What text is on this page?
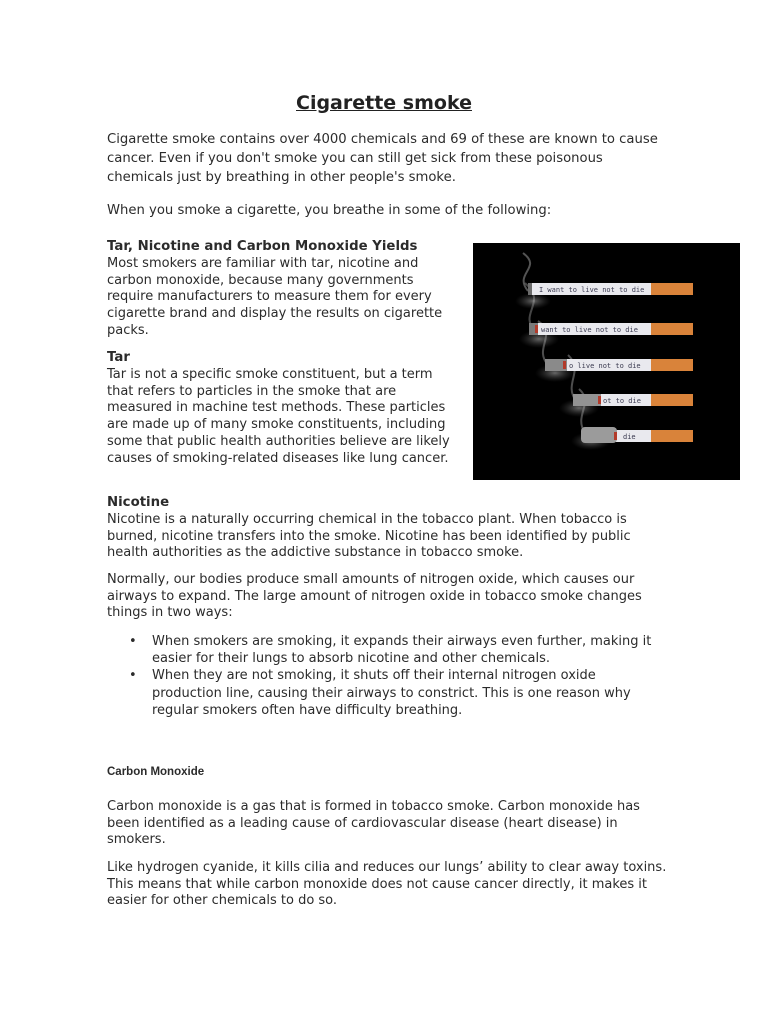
Cigarette smoke

Cigarette smoke contains over 4000 chemicals and 69 of these are known to cause cancer. Even if you don't smoke you can still get sick from these poisonous chemicals just by breathing in other people's smoke.

When you smoke a cigarette, you breathe in some of the following:

Tar, Nicotine and Carbon Monoxide Yields

Most smokers are familiar with tar, nicotine and carbon monoxide, because many governments require manufacturers to measure them for every cigarette brand and display the results on cigarette packs.

Tar

Tar is not a specific smoke constituent, but a term that refers to particles in the smoke that are measured in machine test methods. These particles are made up of many smoke constituents, including some that public health authorities believe are likely causes of smoking-related diseases like lung cancer.

I want to live not to die
want to live not to die
o live not to die
ot to die
die
Nicotine

Nicotine is a naturally occurring chemical in the tobacco plant. When tobacco is burned, nicotine transfers into the smoke. Nicotine has been identified by public health authorities as the addictive substance in tobacco smoke.

Normally, our bodies produce small amounts of nitrogen oxide, which causes our airways to expand. The large amount of nitrogen oxide in tobacco smoke changes things in two ways:

• When smokers are smoking, it expands their airways even further, making it easier for their lungs to absorb nicotine and other chemicals.
• When they are not smoking, it shuts off their internal nitrogen oxide production line, causing their airways to constrict. This is one reason why regular smokers often have difficulty breathing.
Carbon Monoxide

Carbon monoxide is a gas that is formed in tobacco smoke. Carbon monoxide has been identified as a leading cause of cardiovascular disease (heart disease) in smokers.

Like hydrogen cyanide, it kills cilia and reduces our lungs’ ability to clear away toxins. This means that while carbon monoxide does not cause cancer directly, it makes it easier for other chemicals to do so.
